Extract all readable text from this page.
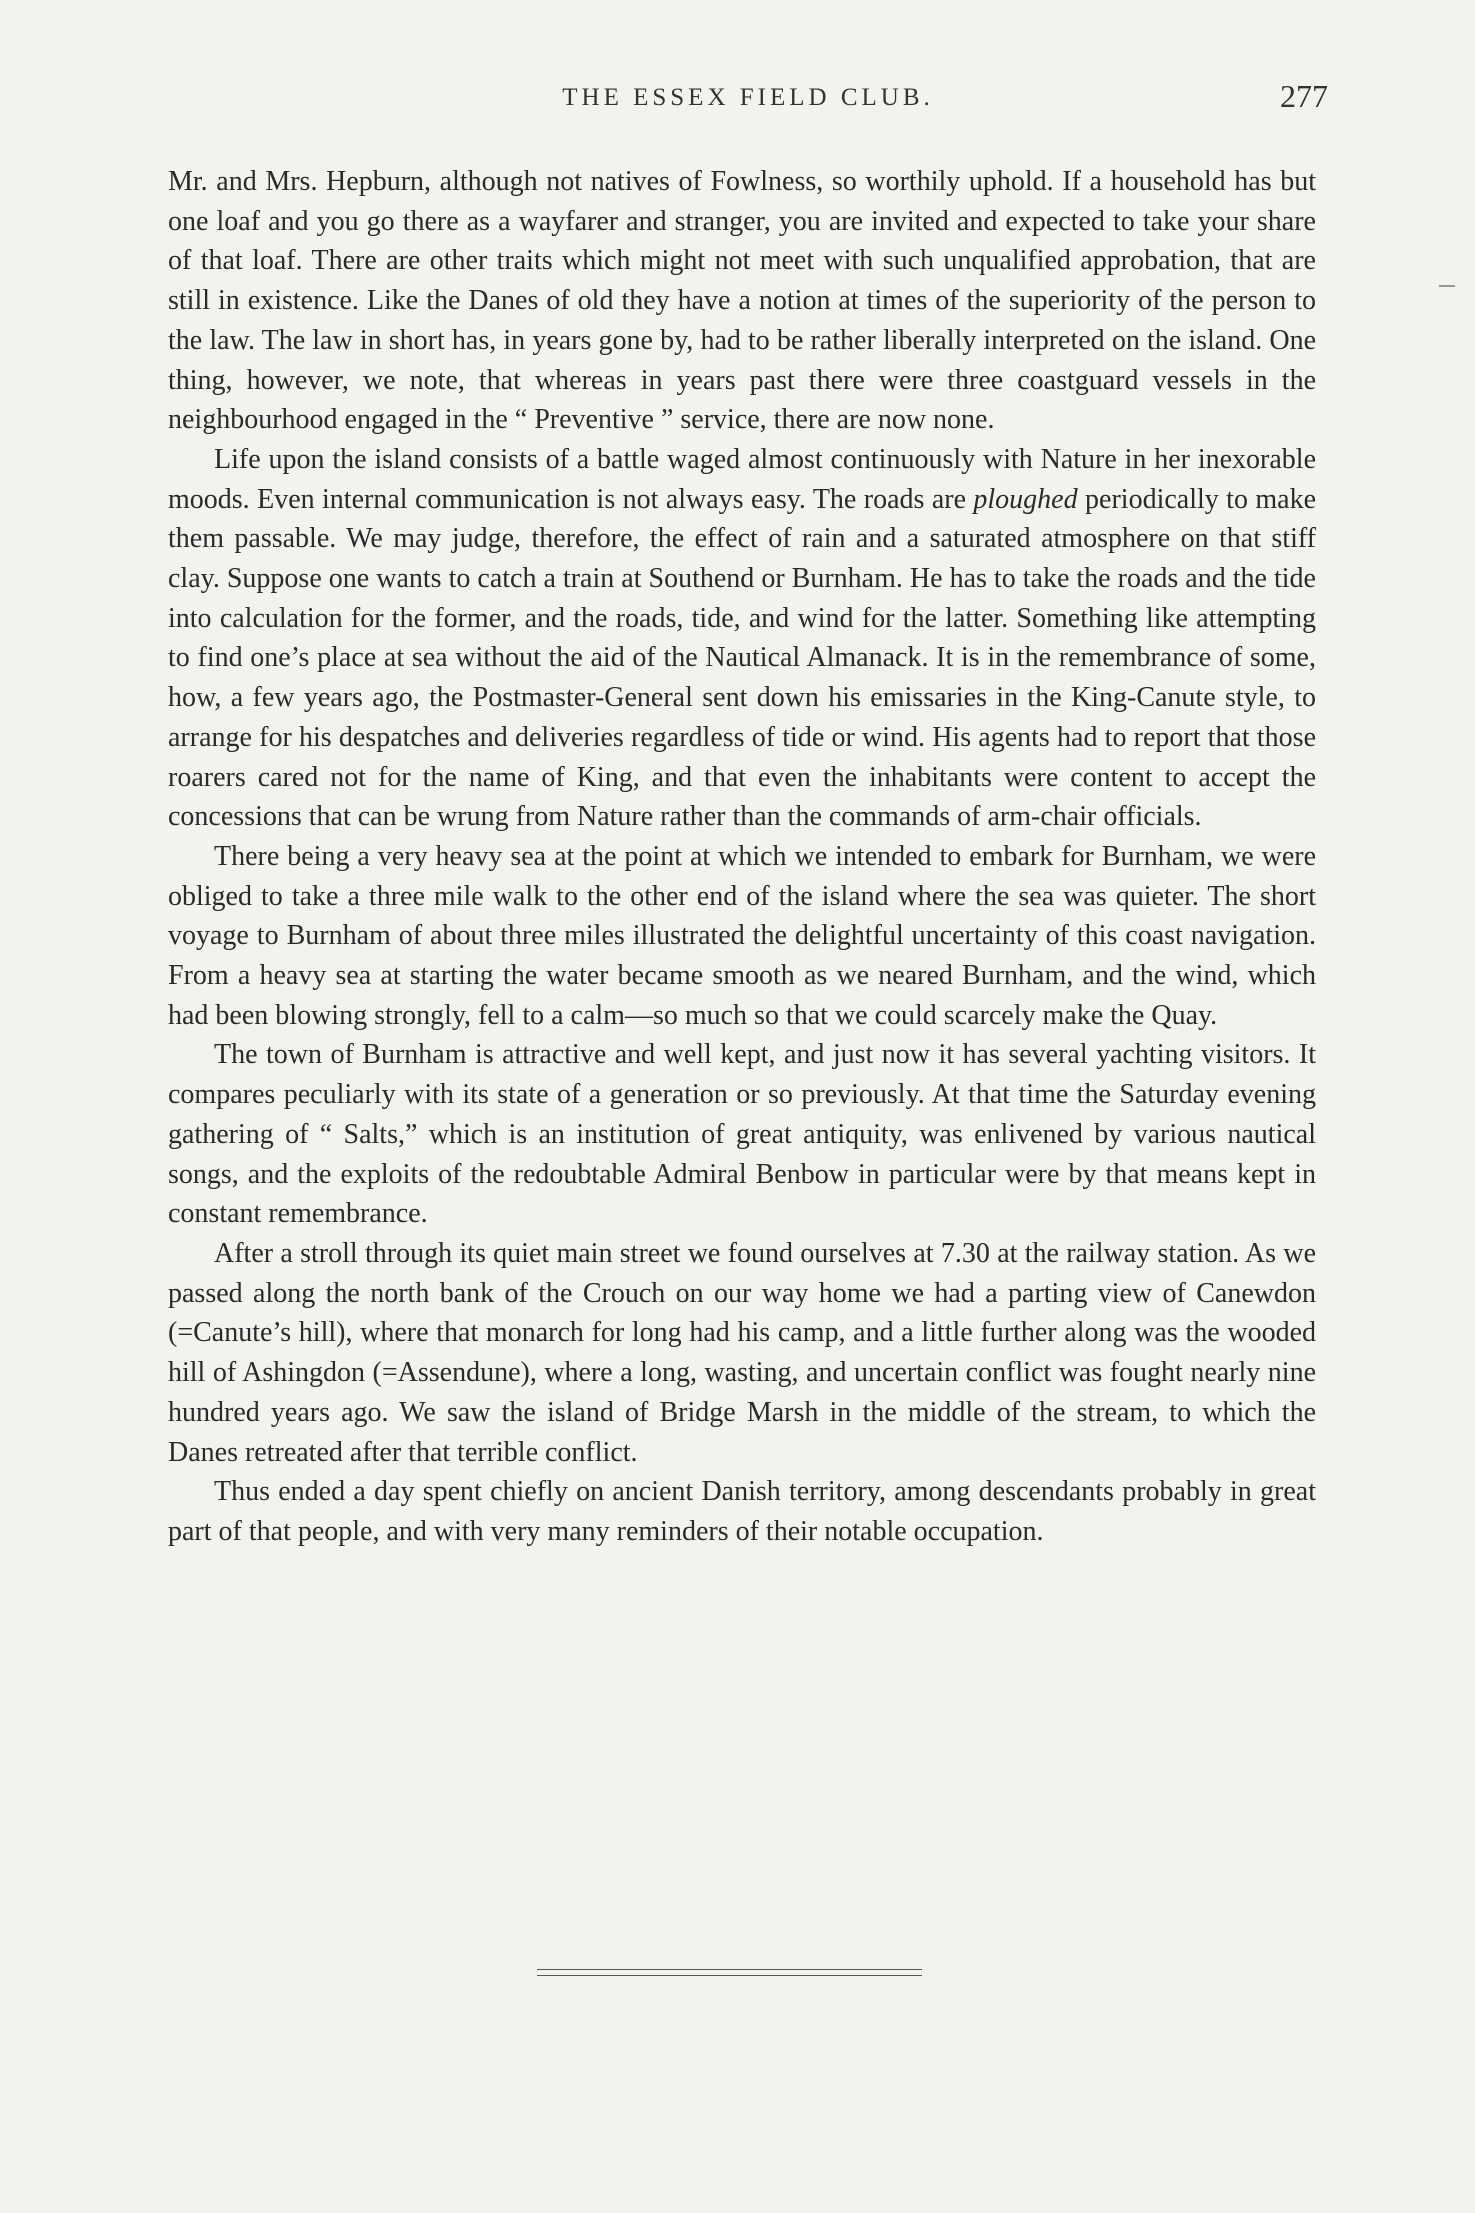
THE ESSEX FIELD CLUB.	277

Mr. and Mrs. Hepburn, although not natives of Fowlness, so worthily uphold. If a household has but one loaf and you go there as a wayfarer and stranger, you are invited and expected to take your share of that loaf. There are other traits which might not meet with such unqualified approbation, that are still in existence. Like the Danes of old they have a notion at times of the superiority of the person to the law. The law in short has, in years gone by, had to be rather liberally interpreted on the island. One thing, however, we note, that whereas in years past there were three coastguard vessels in the neighbourhood engaged in the “ Preventive ” service, there are now none.

Life upon the island consists of a battle waged almost continuously with Nature in her inexorable moods. Even internal communication is not always easy. The roads are ploughed periodically to make them passable. We may judge, therefore, the effect of rain and a saturated atmosphere on that stiff clay. Suppose one wants to catch a train at Southend or Burnham. He has to take the roads and the tide into calculation for the former, and the roads, tide, and wind for the latter. Something like attempting to find one’s place at sea without the aid of the Nautical Almanack. It is in the remembrance of some, how, a few years ago, the Postmaster-General sent down his emissaries in the King-Canute style, to arrange for his despatches and deliveries regardless of tide or wind. His agents had to report that those roarers cared not for the name of King, and that even the inhabitants were content to accept the concessions that can be wrung from Nature rather than the commands of arm-chair officials.

There being a very heavy sea at the point at which we intended to embark for Burnham, we were obliged to take a three mile walk to the other end of the island where the sea was quieter. The short voyage to Burnham of about three miles illustrated the delightful uncertainty of this coast navigation. From a heavy sea at starting the water became smooth as we neared Burnham, and the wind, which had been blowing strongly, fell to a calm—so much so that we could scarcely make the Quay.

The town of Burnham is attractive and well kept, and just now it has several yachting visitors. It compares peculiarly with its state of a generation or so previously. At that time the Saturday evening gathering of “ Salts,” which is an institution of great antiquity, was enlivened by various nautical songs, and the exploits of the redoubtable Admiral Benbow in particular were by that means kept in constant remembrance.

After a stroll through its quiet main street we found ourselves at 7.30 at the railway station. As we passed along the north bank of the Crouch on our way home we had a parting view of Canewdon (=Canute’s hill), where that monarch for long had his camp, and a little further along was the wooded hill of Ashingdon (=Assendune), where a long, wasting, and uncertain conflict was fought nearly nine hundred years ago. We saw the island of Bridge Marsh in the middle of the stream, to which the Danes retreated after that terrible conflict.

Thus ended a day spent chiefly on ancient Danish territory, among descendants probably in great part of that people, and with very many reminders of their notable occupation.
